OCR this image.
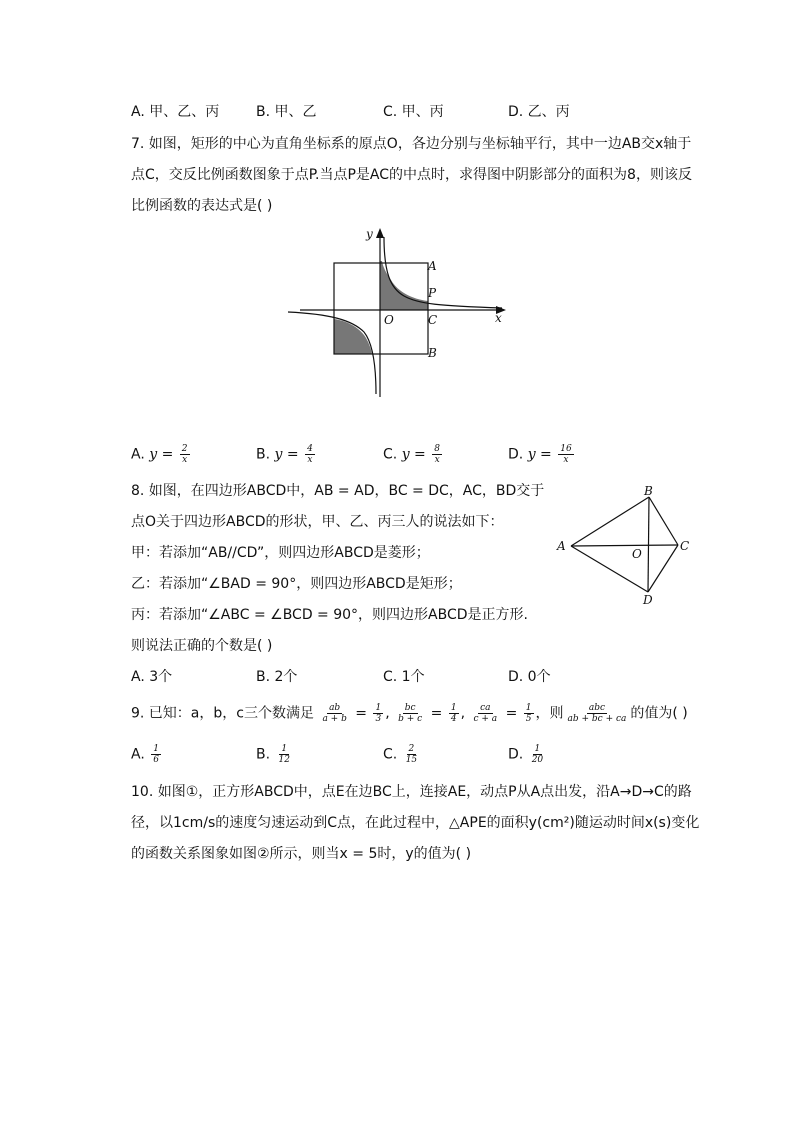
A. 甲、乙、丙	B. 甲、乙	C. 甲、丙	D. 乙、丙
7. 如图，矩形的中心为直角坐标系的原点O，各边分别与坐标轴平行，其中一边AB交x轴于
点C，交反比例函数图象于点P.当点P是AC的中点时，求得图中阴影部分的面积为8，则该反
比例函数的表达式是( )
y
x
O
A
P
C
B
A. $y = \frac{2}{x}$	B. $y = \frac{4}{x}$	C. $y = \frac{8}{x}$	D. $y = \frac{16}{x}$
8. 如图，在四边形ABCD中，AB = AD，BC = DC，AC，BD交于
点O关于四边形ABCD的形状，甲、乙、丙三人的说法如下：
甲：若添加“AB//CD”，则四边形ABCD是菱形；
乙：若添加“∠BAD = 90°，则四边形ABCD是矩形；
丙：若添加“∠ABC = ∠BCD = 90°，则四边形ABCD是正方形.
则说法正确的个数是( )
A
B
C
D
O
A. 3个	B. 2个	C. 1个	D. 0个
9. 已知：a，b，c三个数满足 $\frac{ab}{a + b} = \frac{1}{3}$ , $\frac{bc}{b + c} = \frac{1}{4}$ , $\frac{ca}{c + a} = \frac{1}{5}$ ，则 $\frac{\text{abc}}{ab + bc + ca}$ 的值为( )
A. $\frac{1}{6}$	B. $\frac{1}{12}$	C. $\frac{2}{15}$	D. $\frac{1}{20}$
10. 如图①，正方形ABCD中，点E在边BC上，连接AE，动点P从A点出发，沿A→D→C的路
径，以1cm/s的速度匀速运动到C点，在此过程中，△APE的面积y(cm²)随运动时间x(s)变化
的函数关系图象如图②所示，则当x = 5时，y的值为( )
